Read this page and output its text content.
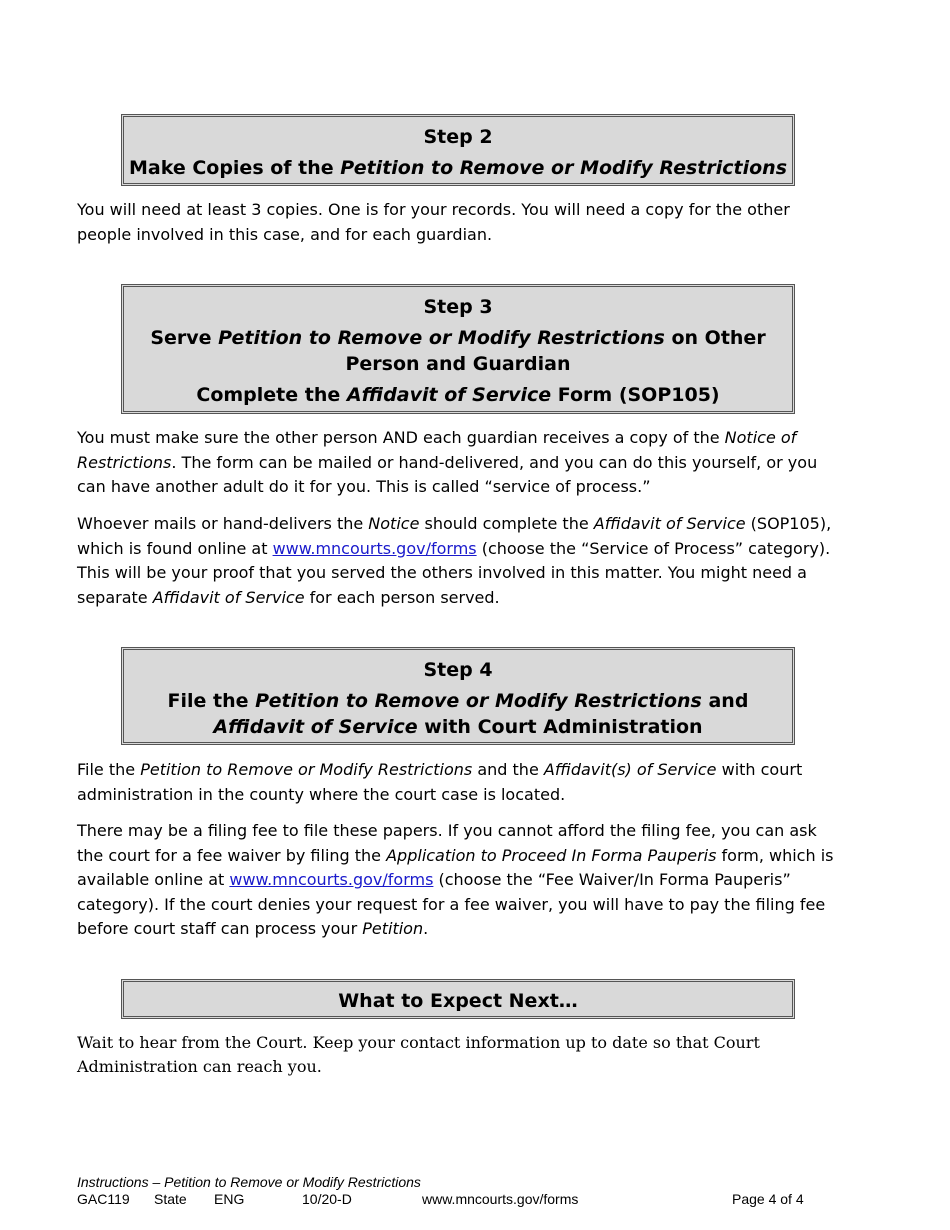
Step 2

Make Copies of the Petition to Remove or Modify Restrictions

You will need at least 3 copies. One is for your records. You will need a copy for the other people involved in this case, and for each guardian.

Step 3

Serve Petition to Remove or Modify Restrictions on Other Person and Guardian

Complete the Affidavit of Service Form (SOP105)

You must make sure the other person AND each guardian receives a copy of the Notice of Restrictions. The form can be mailed or hand-delivered, and you can do this yourself, or you can have another adult do it for you. This is called “service of process.”

Whoever mails or hand-delivers the Notice should complete the Affidavit of Service (SOP105), which is found online at www.mncourts.gov/forms (choose the “Service of Process” category). This will be your proof that you served the others involved in this matter. You might need a separate Affidavit of Service for each person served.

Step 4

File the Petition to Remove or Modify Restrictions and Affidavit of Service with Court Administration

File the Petition to Remove or Modify Restrictions and the Affidavit(s) of Service with court administration in the county where the court case is located.

There may be a filing fee to file these papers. If you cannot afford the filing fee, you can ask the court for a fee waiver by filing the Application to Proceed In Forma Pauperis form, which is available online at www.mncourts.gov/forms (choose the “Fee Waiver/In Forma Pauperis” category). If the court denies your request for a fee waiver, you will have to pay the filing fee before court staff can process your Petition.

What to Expect Next…

Wait to hear from the Court. Keep your contact information up to date so that Court Administration can reach you.

Instructions – Petition to Remove or Modify Restrictions
GAC119 State ENG	10/20-D	www.mncourts.gov/forms	Page 4 of 4
